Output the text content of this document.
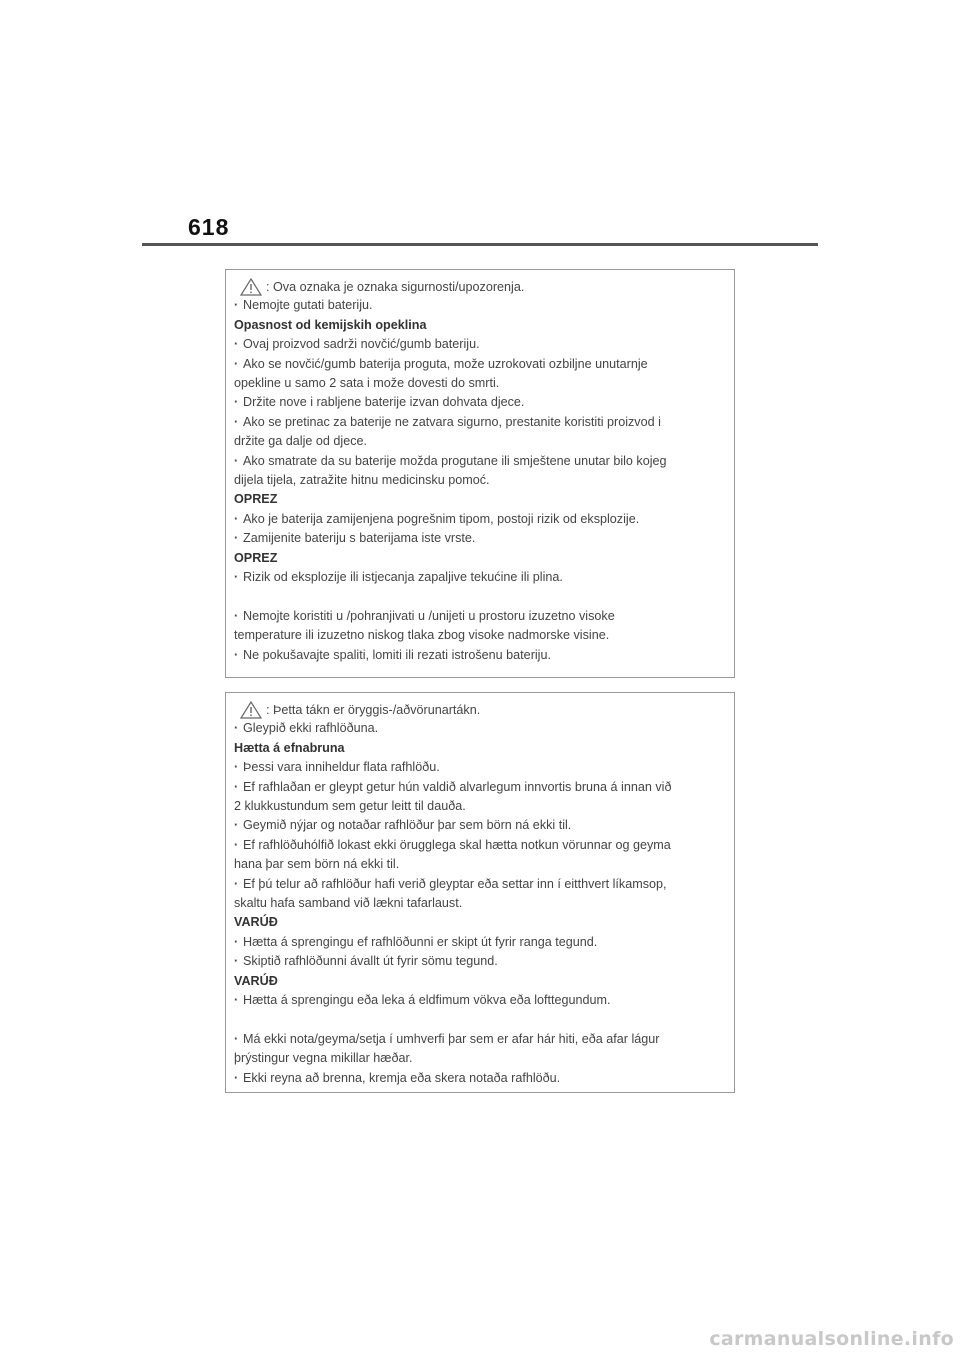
618
: Ova oznaka je oznaka sigurnosti/upozorenja.
· Nemojte gutati bateriju.
Opasnost od kemijskih opeklina
· Ovaj proizvod sadrži novčić/gumb bateriju.
· Ako se novčić/gumb baterija proguta, može uzrokovati ozbiljne unutarnje
opekline u samo 2 sata i može dovesti do smrti.
· Držite nove i rabljene baterije izvan dohvata djece.
· Ako se pretinac za baterije ne zatvara sigurno, prestanite koristiti proizvod i
držite ga dalje od djece.
· Ako smatrate da su baterije možda progutane ili smještene unutar bilo kojeg
dijela tijela, zatražite hitnu medicinsku pomoć.
OPREZ
· Ako je baterija zamijenjena pogrešnim tipom, postoji rizik od eksplozije.
· Zamijenite bateriju s baterijama iste vrste.
OPREZ
· Rizik od eksplozije ili istjecanja zapaljive tekućine ili plina.
· Nemojte koristiti u /pohranjivati u /unijeti u prostoru izuzetno visoke
temperature ili izuzetno niskog tlaka zbog visoke nadmorske visine.
· Ne pokušavajte spaliti, lomiti ili rezati istrošenu bateriju.
: Þetta tákn er öryggis-/aðvörunartákn.
· Gleypið ekki rafhlöðuna.
Hætta á efnabruna
· Þessi vara inniheldur flata rafhlöðu.
· Ef rafhlaðan er gleypt getur hún valdið alvarlegum innvortis bruna á innan við
2 klukkustundum sem getur leitt til dauða.
· Geymið nýjar og notaðar rafhlöður þar sem börn ná ekki til.
· Ef rafhlöðuhólfið lokast ekki örugglega skal hætta notkun vörunnar og geyma
hana þar sem börn ná ekki til.
· Ef þú telur að rafhlöður hafi verið gleyptar eða settar inn í eitthvert líkamsop,
skaltu hafa samband við lækni tafarlaust.
VARÚÐ
· Hætta á sprengingu ef rafhlöðunni er skipt út fyrir ranga tegund.
· Skiptið rafhlöðunni ávallt út fyrir sömu tegund.
VARÚÐ
· Hætta á sprengingu eða leka á eldfimum vökva eða lofttegundum.
· Má ekki nota/geyma/setja í umhverfi þar sem er afar hár hiti, eða afar lágur
þrýstingur vegna mikillar hæðar.
· Ekki reyna að brenna, kremja eða skera notaða rafhlöðu.
carmanualsonline.info
